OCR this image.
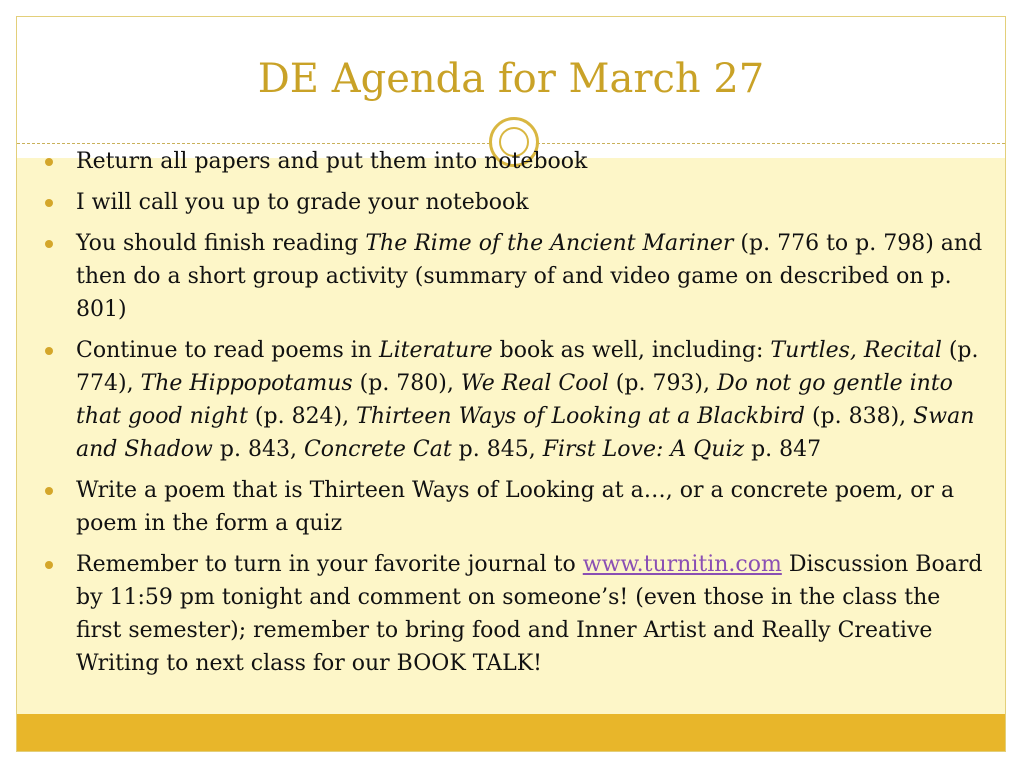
DE Agenda for March 27
Return all papers and put them into notebook
I will call you up to grade your notebook
You should finish reading The Rime of the Ancient Mariner (p. 776 to p. 798) and then do a short group activity (summary of and video game on described on p. 801)
Continue to read poems in Literature book as well, including: Turtles, Recital (p. 774), The Hippopotamus (p. 780), We Real Cool (p. 793), Do not go gentle into that good night (p. 824), Thirteen Ways of Looking at a Blackbird (p. 838), Swan and Shadow p. 843, Concrete Cat p. 845, First Love: A Quiz p. 847
Write a poem that is Thirteen Ways of Looking at a…, or a concrete poem, or a poem in the form a quiz
Remember to turn in your favorite journal to www.turnitin.com Discussion Board by 11:59 pm tonight and comment on someone’s! (even those in the class the first semester); remember to bring food and Inner Artist and Really Creative Writing to next class for our BOOK TALK!
